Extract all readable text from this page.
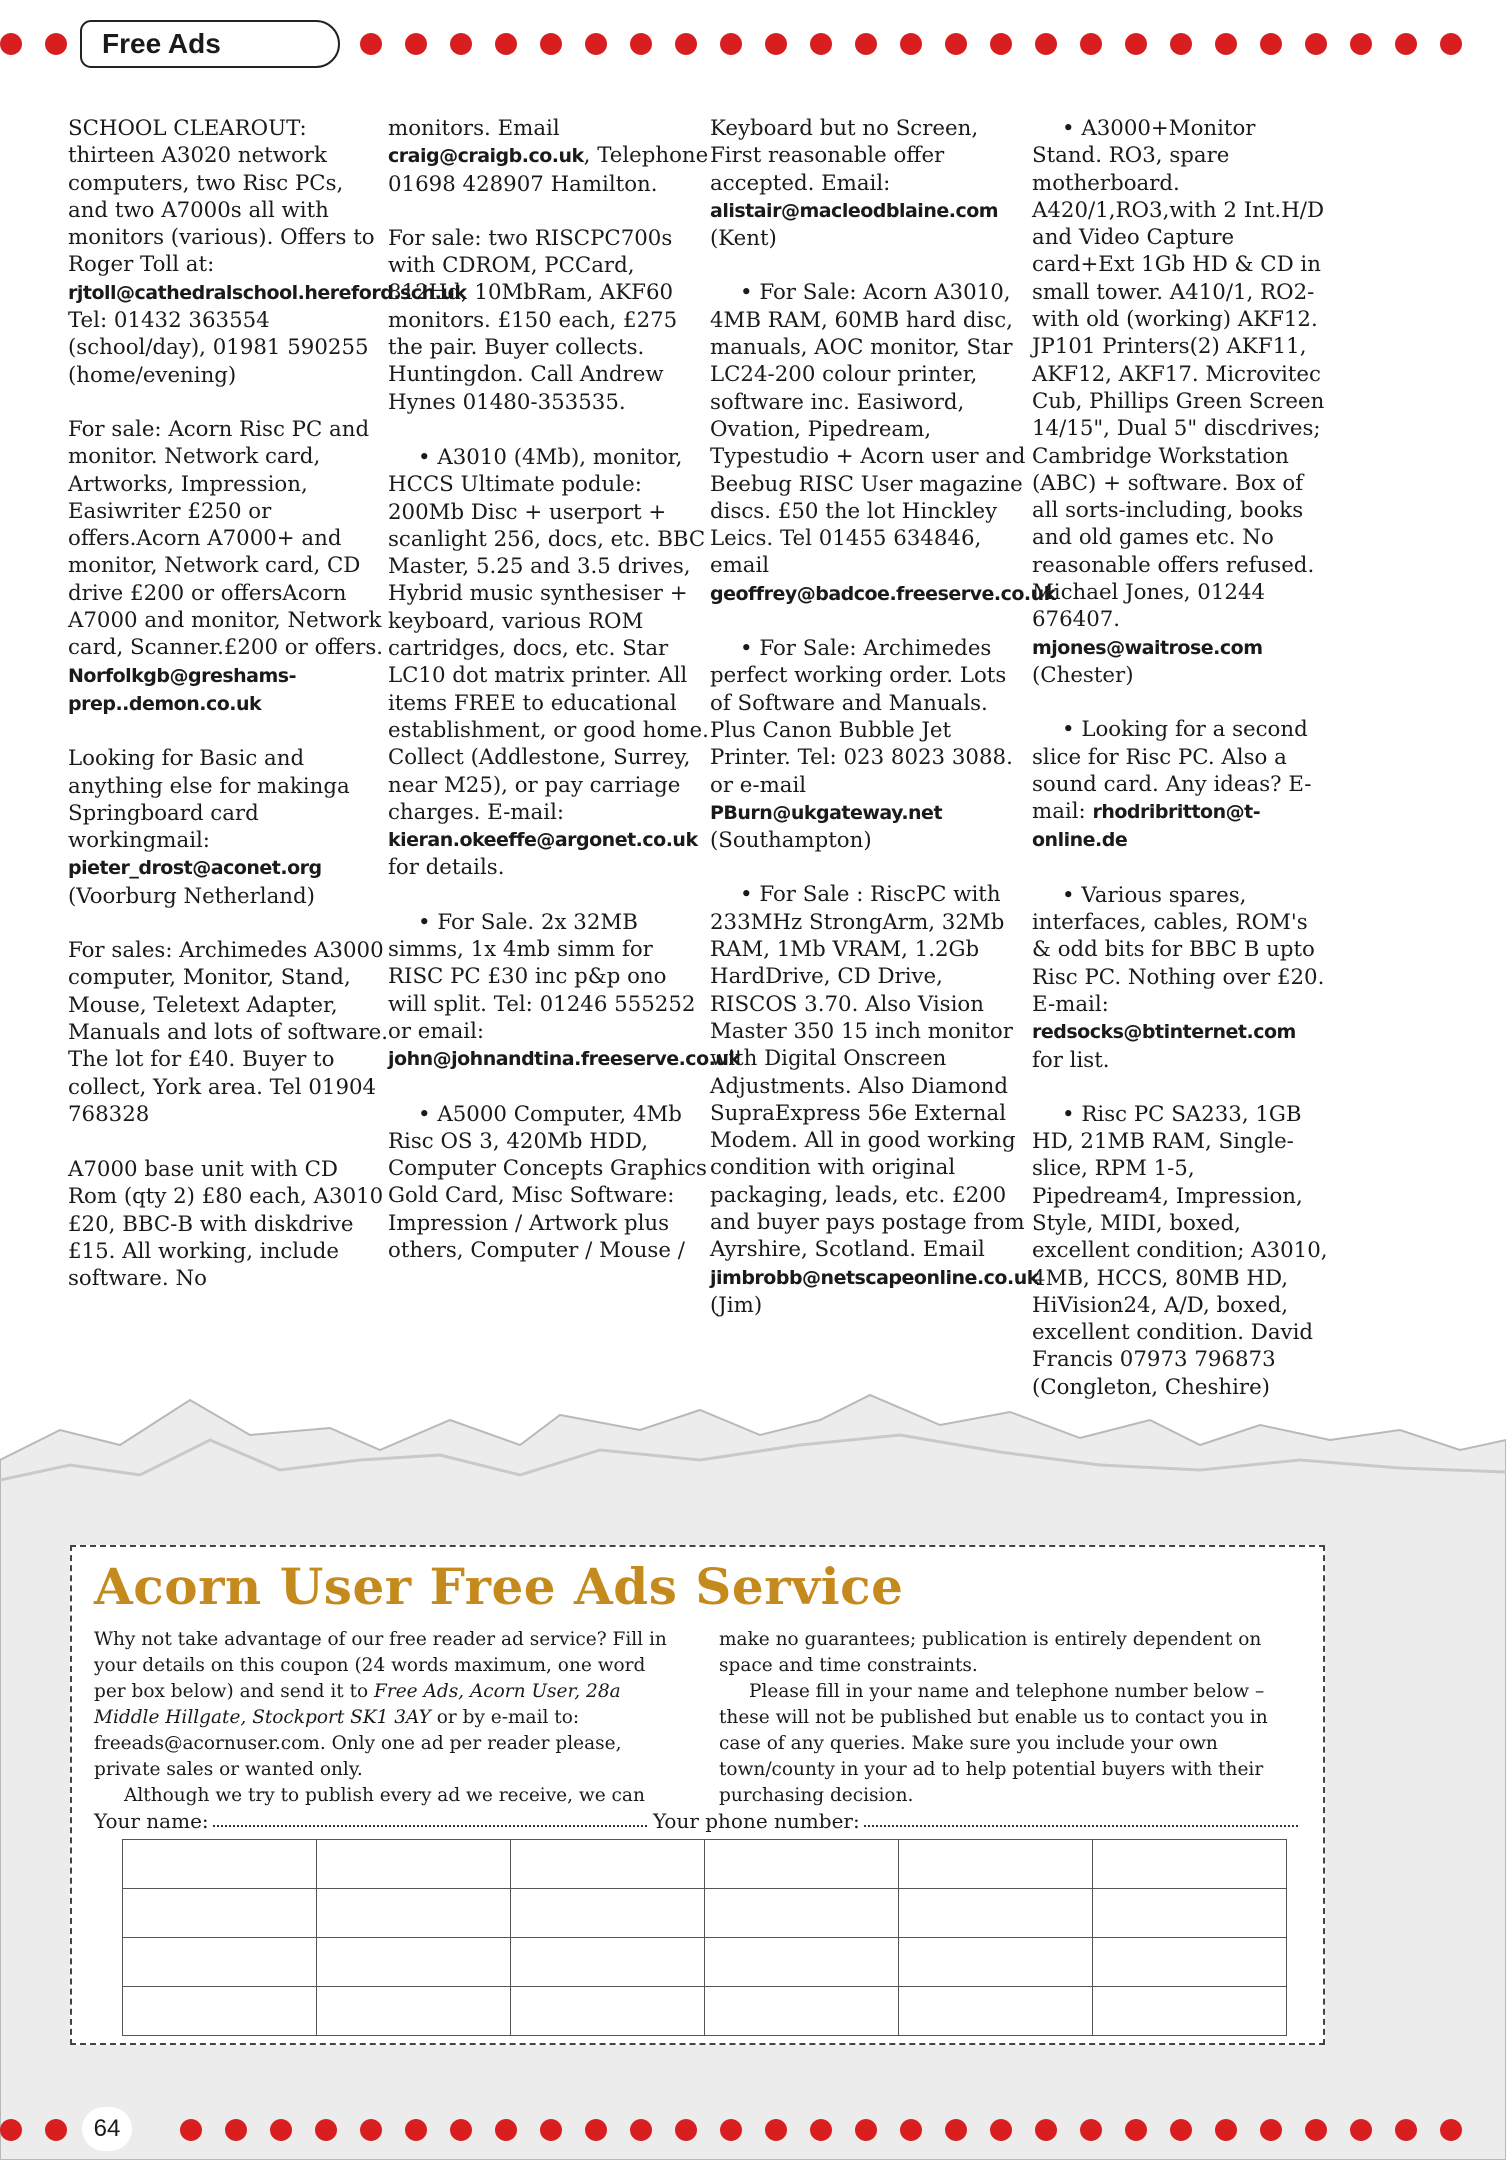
Free Ads
SCHOOL CLEAROUT: thirteen A3020 network computers, two Risc PCs, and two A7000s all with monitors (various). Offers to Roger Toll at: rjtoll@cathedralschool.hereford.sch.uk Tel: 01432 363554 (school/day), 01981 590255 (home/evening)
For sale: Acorn Risc PC and monitor. Network card, Artworks, Impression, Easiwriter £250 or offers.Acorn A7000+ and monitor, Network card, CD drive £200 or offersAcorn A7000 and monitor, Network card, Scanner.£200 or offers. Norfolkgb@greshams-prep..demon.co.uk
Looking for Basic and anything else for makinga Springboard card workingmail: pieter_drost@aconet.org (Voorburg Netherland)
For sales: Archimedes A3000 computer, Monitor, Stand, Mouse, Teletext Adapter, Manuals and lots of software. The lot for £40. Buyer to collect, York area. Tel 01904 768328
A7000 base unit with CD Rom (qty 2) £80 each, A3010 £20, BBC-B with diskdrive £15. All working, include software. No
monitors. Email craig@craigb.co.uk, Telephone 01698 428907 Hamilton.
For sale: two RISCPC700s with CDROM, PCCard, 812Hd, 10MbRam, AKF60 monitors. £150 each, £275 the pair. Buyer collects. Huntingdon. Call Andrew Hynes 01480-353535.
• A3010 (4Mb), monitor, HCCS Ultimate podule: 200Mb Disc + userport + scanlight 256, docs, etc. BBC Master, 5.25 and 3.5 drives, Hybrid music synthesiser + keyboard, various ROM cartridges, docs, etc. Star LC10 dot matrix printer. All items FREE to educational establishment, or good home. Collect (Addlestone, Surrey, near M25), or pay carriage charges. E-mail: kieran.okeeffe@argonet.co.uk for details.
• For Sale. 2x 32MB simms, 1x 4mb simm for RISC PC £30 inc p&p ono will split. Tel: 01246 555252 or email: john@johnandtina.freeserve.co.uk
• A5000 Computer, 4Mb Risc OS 3, 420Mb HDD, Computer Concepts Graphics Gold Card, Misc Software: Impression / Artwork plus others, Computer / Mouse /
Keyboard but no Screen, First reasonable offer accepted. Email: alistair@macleodblaine.com (Kent)
• For Sale: Acorn A3010, 4MB RAM, 60MB hard disc, manuals, AOC monitor, Star LC24-200 colour printer, software inc. Easiword, Ovation, Pipedream, Typestudio + Acorn user and Beebug RISC User magazine discs. £50 the lot Hinckley Leics. Tel 01455 634846, email geoffrey@badcoe.freeserve.co.uk
• For Sale: Archimedes perfect working order. Lots of Software and Manuals. Plus Canon Bubble Jet Printer. Tel: 023 8023 3088. or e-mail PBurn@ukgateway.net (Southampton)
• For Sale : RiscPC with 233MHz StrongArm, 32Mb RAM, 1Mb VRAM, 1.2Gb HardDrive, CD Drive, RISCOS 3.70. Also Vision Master 350 15 inch monitor with Digital Onscreen Adjustments. Also Diamond SupraExpress 56e External Modem. All in good working condition with original packaging, leads, etc. £200 and buyer pays postage from Ayrshire, Scotland. Email jimbrobb@netscapeonline.co.uk (Jim)
• A3000+Monitor Stand. RO3, spare motherboard. A420/1,RO3,with 2 Int.H/D and Video Capture card+Ext 1Gb HD & CD in small tower. A410/1, RO2-with old (working) AKF12. JP101 Printers(2) AKF11, AKF12, AKF17. Microvitec Cub, Phillips Green Screen 14/15", Dual 5" discdrives; Cambridge Workstation (ABC) + software. Box of all sorts-including, books and old games etc. No reasonable offers refused. Michael Jones, 01244 676407. mjones@waitrose.com (Chester)
• Looking for a second slice for Risc PC. Also a sound card. Any ideas? E-mail: rhodribritton@t-online.de
• Various spares, interfaces, cables, ROM's & odd bits for BBC B upto Risc PC. Nothing over £20. E-mail: redsocks@btinternet.com for list.
• Risc PC SA233, 1GB HD, 21MB RAM, Single-slice, RPM 1-5, Pipedream4, Impression, Style, MIDI, boxed, excellent condition; A3010, 4MB, HCCS, 80MB HD, HiVision24, A/D, boxed, excellent condition. David Francis 07973 796873 (Congleton, Cheshire)
Acorn User Free Ads Service

Why not take advantage of our free reader ad service? Fill in your details on this coupon (24 words maximum, one word per box below) and send it to Free Ads, Acorn User, 28a Middle Hillgate, Stockport SK1 3AY or by e-mail to: freeads@acornuser.com. Only one ad per reader please, private sales or wanted only.

Although we try to publish every ad we receive, we can

make no guarantees; publication is entirely dependent on space and time constraints.

Please fill in your name and telephone number below – these will not be published but enable us to contact you in case of any queries. Make sure you include your own town/county in your ad to help potential buyers with their purchasing decision.

Your name:	Your phone number:

64
